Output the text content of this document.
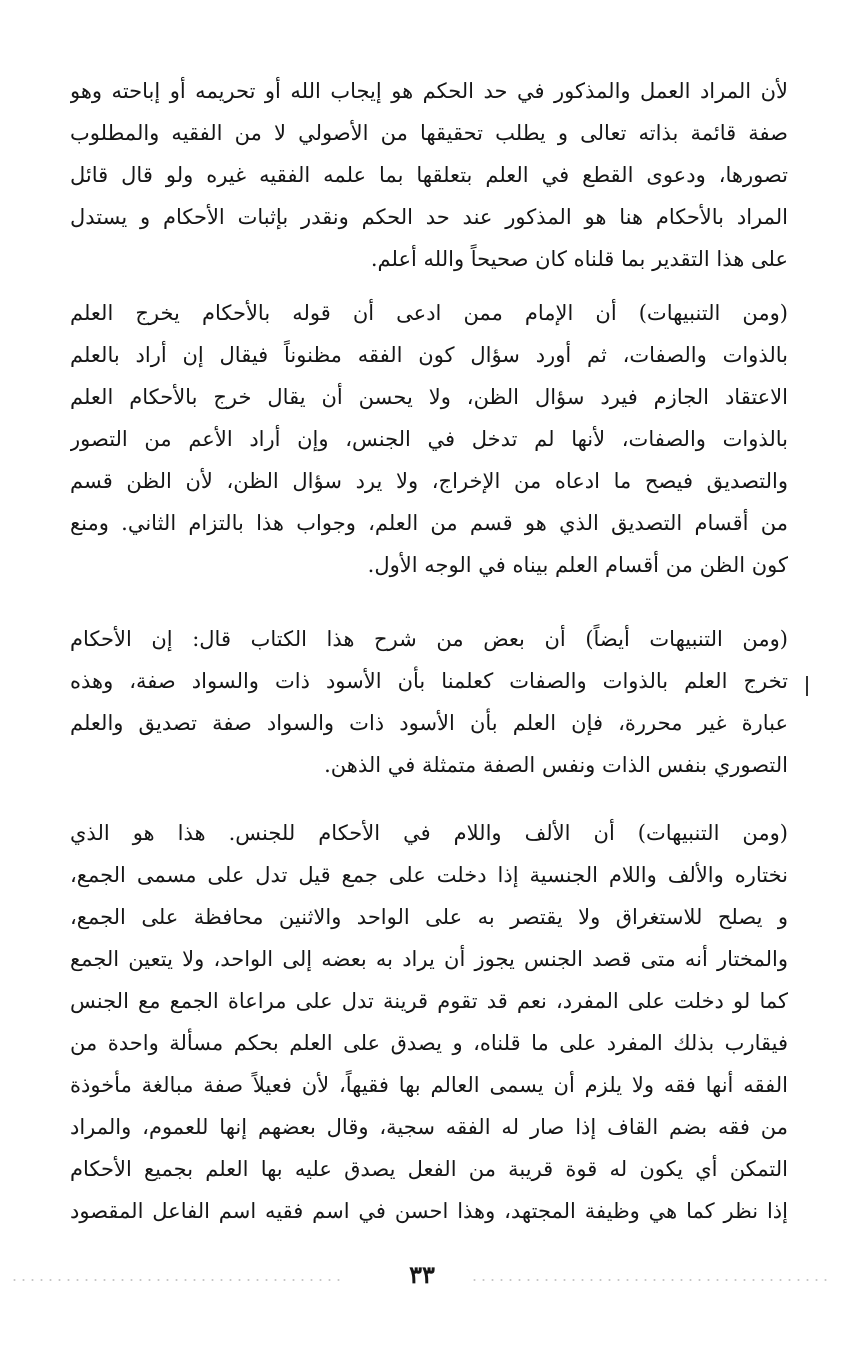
لأن المراد العمل والمذكور في حد الحكم هو إيجاب الله أو تحريمه أو إباحته وهو
صفة قائمة بذاته تعالى و يطلب تحقيقها من الأصولي لا من الفقيه والمطلوب
تصورها، ودعوى القطع في العلم بتعلقها بما علمه الفقيه غيره ولو قال قائل
المراد بالأحكام هنا هو المذكور عند حد الحكم ونقدر بإثبات الأحكام و يستدل
على هذا التقدير بما قلناه كان صحيحاً والله أعلم.
(ومن التنبيهات) أن الإمام ممن ادعى أن قوله بالأحكام يخرج العلم
بالذوات والصفات، ثم أورد سؤال كون الفقه مظنوناً فيقال إن أراد بالعلم
الاعتقاد الجازم فيرد سؤال الظن، ولا يحسن أن يقال خرج بالأحكام العلم
بالذوات والصفات، لأنها لم تدخل في الجنس، وإن أراد الأعم من التصور
والتصديق فيصح ما ادعاه من الإخراج، ولا يرد سؤال الظن، لأن الظن قسم
من أقسام التصديق الذي هو قسم من العلم، وجواب هذا بالتزام الثاني. ومنع
كون الظن من أقسام العلم بيناه في الوجه الأول.
(ومن التنبيهات أيضاً) أن بعض من شرح هذا الكتاب قال: إن الأحكام
تخرج العلم بالذوات والصفات كعلمنا بأن الأسود ذات والسواد صفة، وهذه
عبارة غير محررة، فإن العلم بأن الأسود ذات والسواد صفة تصديق والعلم
التصوري بنفس الذات ونفس الصفة متمثلة في الذهن.
(ومن التنبيهات) أن الألف واللام في الأحكام للجنس. هذا هو الذي
نختاره والألف واللام الجنسية إذا دخلت على جمع قيل تدل على مسمى الجمع،
و يصلح للاستغراق ولا يقتصر به على الواحد والاثنين محافظة على الجمع،
والمختار أنه متى قصد الجنس يجوز أن يراد به بعضه إلى الواحد، ولا يتعين الجمع
كما لو دخلت على المفرد، نعم قد تقوم قرينة تدل على مراعاة الجمع مع الجنس
فيقارب بذلك المفرد على ما قلناه، و يصدق على العلم بحكم مسألة واحدة من
الفقه أنها فقه ولا يلزم أن يسمى العالم بها فقيهاً، لأن فعيلاً صفة مبالغة مأخوذة
من فقه بضم القاف إذا صار له الفقه سجية، وقال بعضهم إنها للعموم، والمراد
التمكن أي يكون له قوة قريبة من الفعل يصدق عليه بها العلم بجميع الأحكام
إذا نظر كما هي وظيفة المجتهد، وهذا احسن في اسم فقيه اسم الفاعل المقصود
٣٣
